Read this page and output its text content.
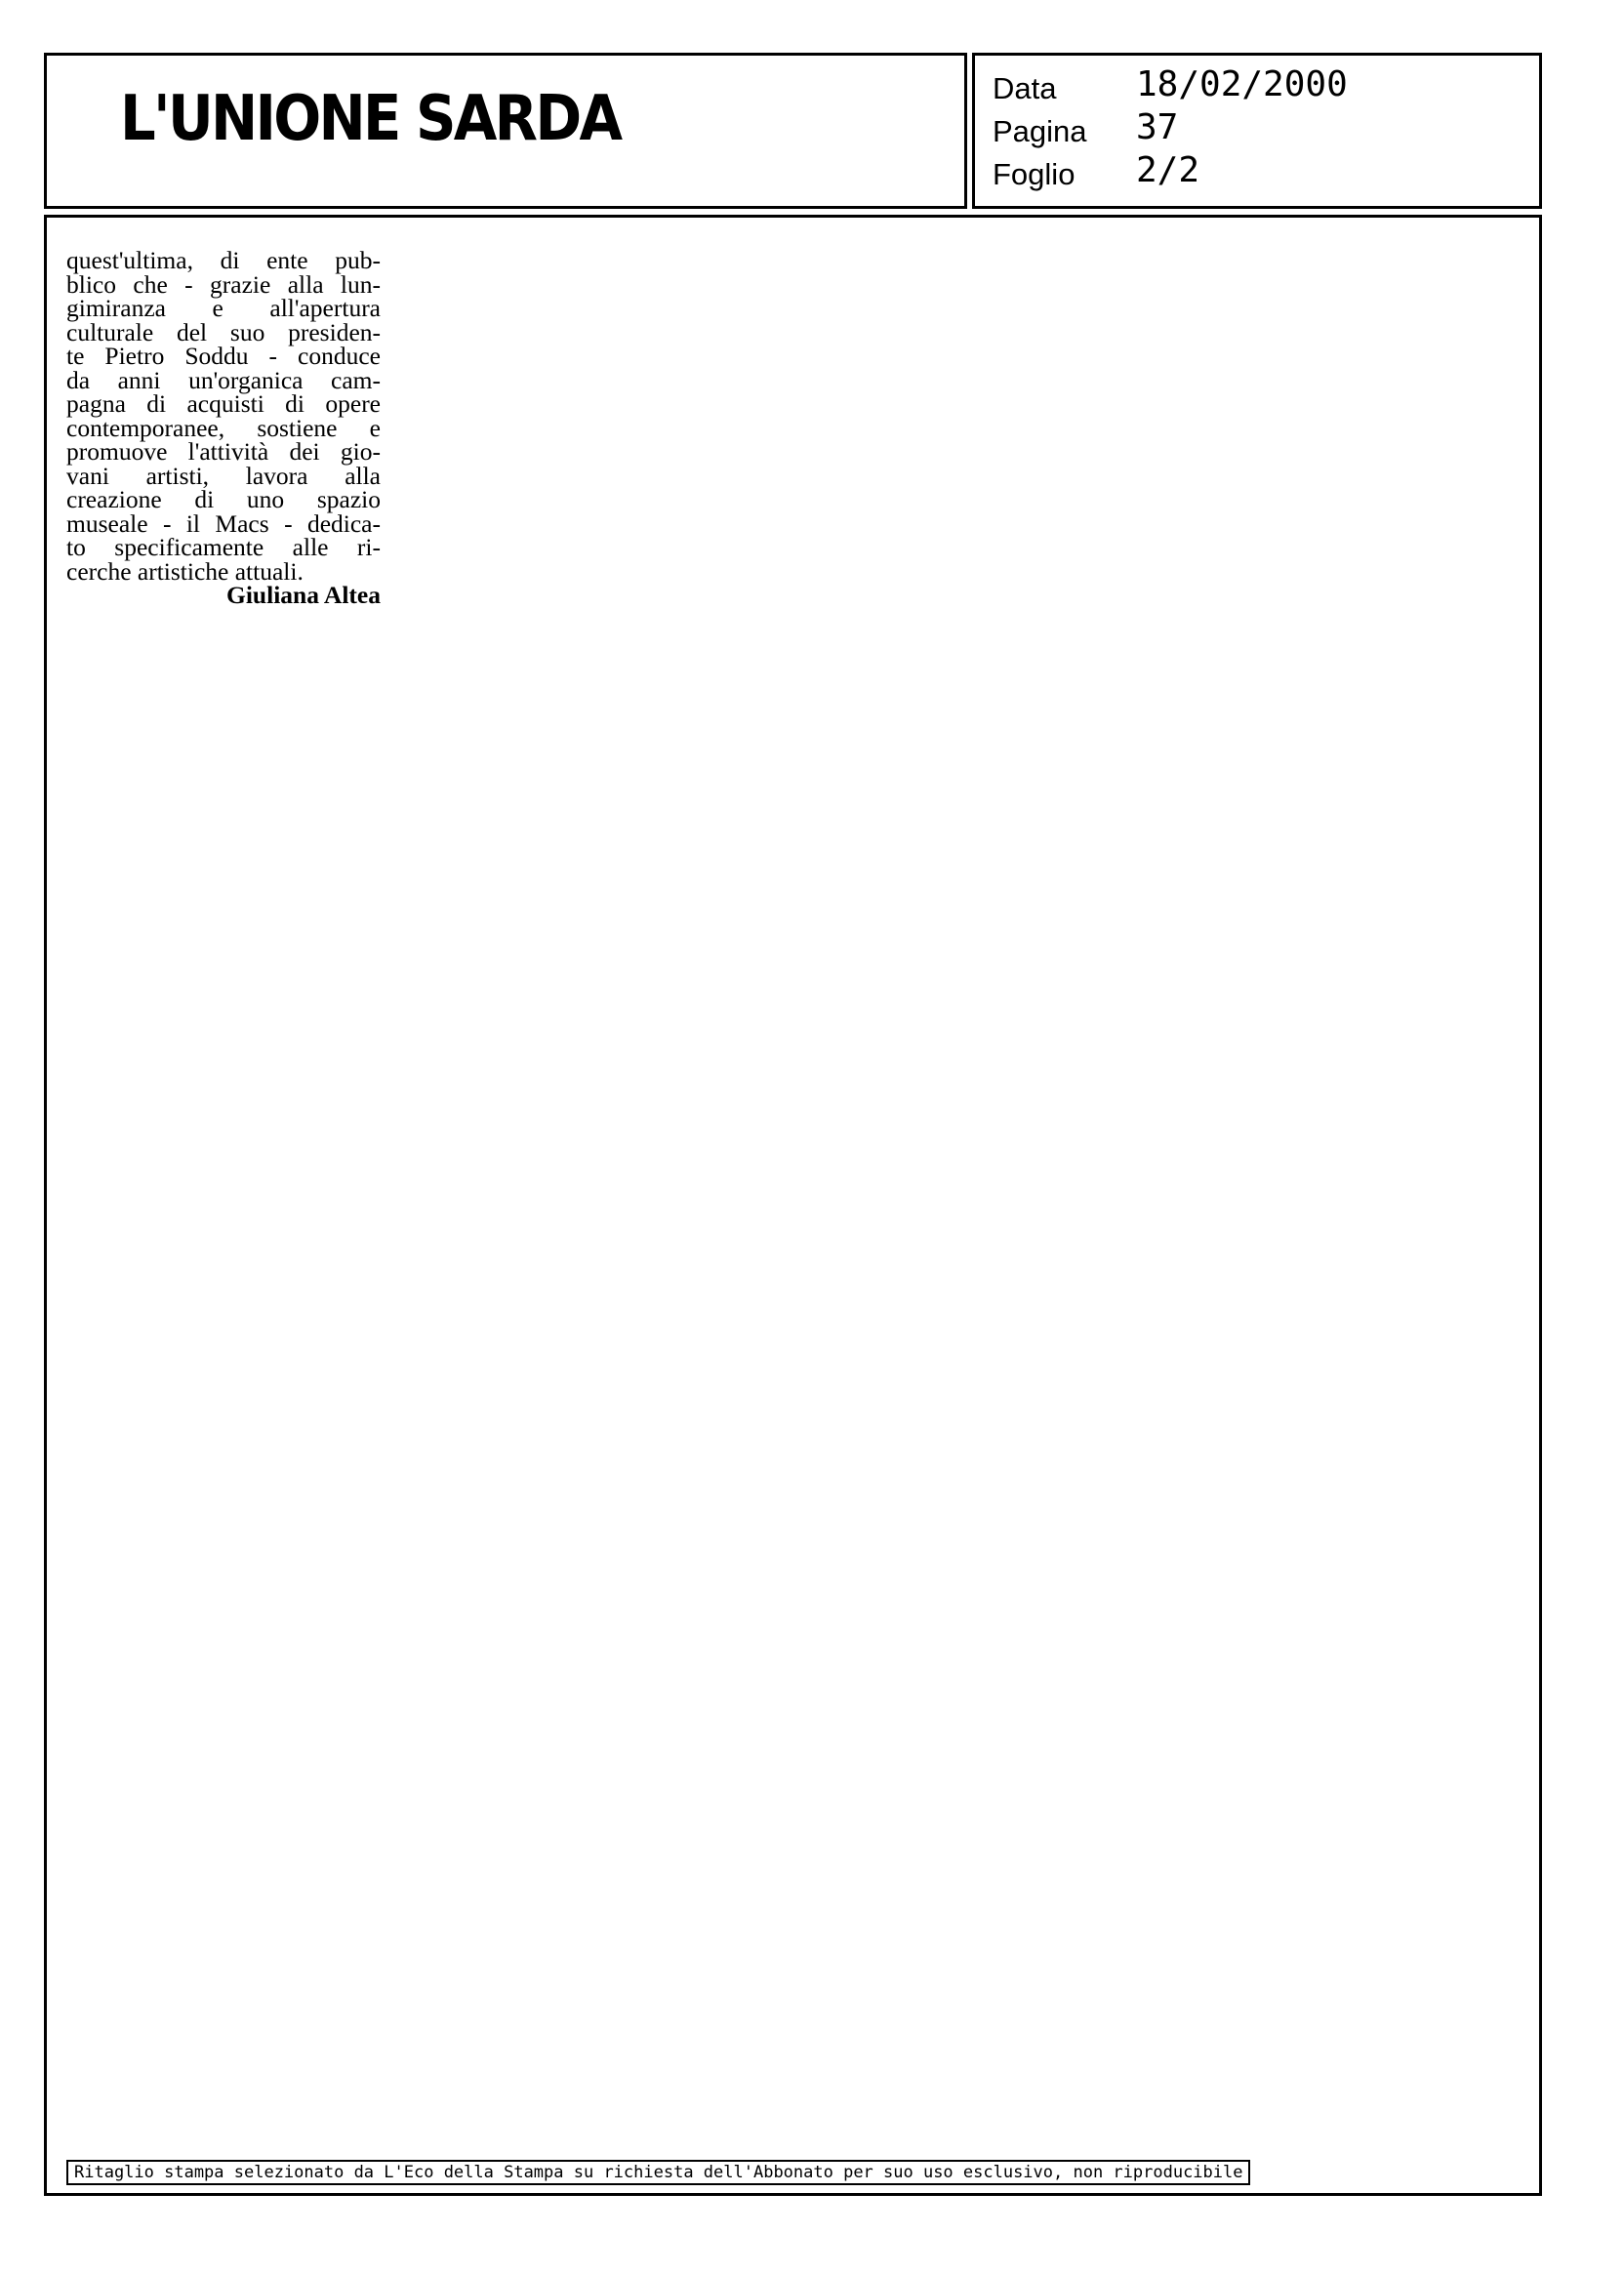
L'UNIONE SARDA	Data 18/02/2000
Pagina 37
Foglio 2/2
quest'ultima, di ente pub-
blico che - grazie alla lun-
gimiranza e all'apertura
culturale del suo presiden-
te Pietro Soddu - conduce
da anni un'organica cam-
pagna di acquisti di opere
contemporanee, sostiene e
promuove l'attività dei gio-
vani artisti, lavora alla
creazione di uno spazio
museale - il Macs - dedica-
to specificamente alle ri-
cerche artistiche attuali.
Giuliana Altea
Ritaglio stampa selezionato da L'Eco della Stampa su richiesta dell'Abbonato per suo uso esclusivo, non riproducibile
